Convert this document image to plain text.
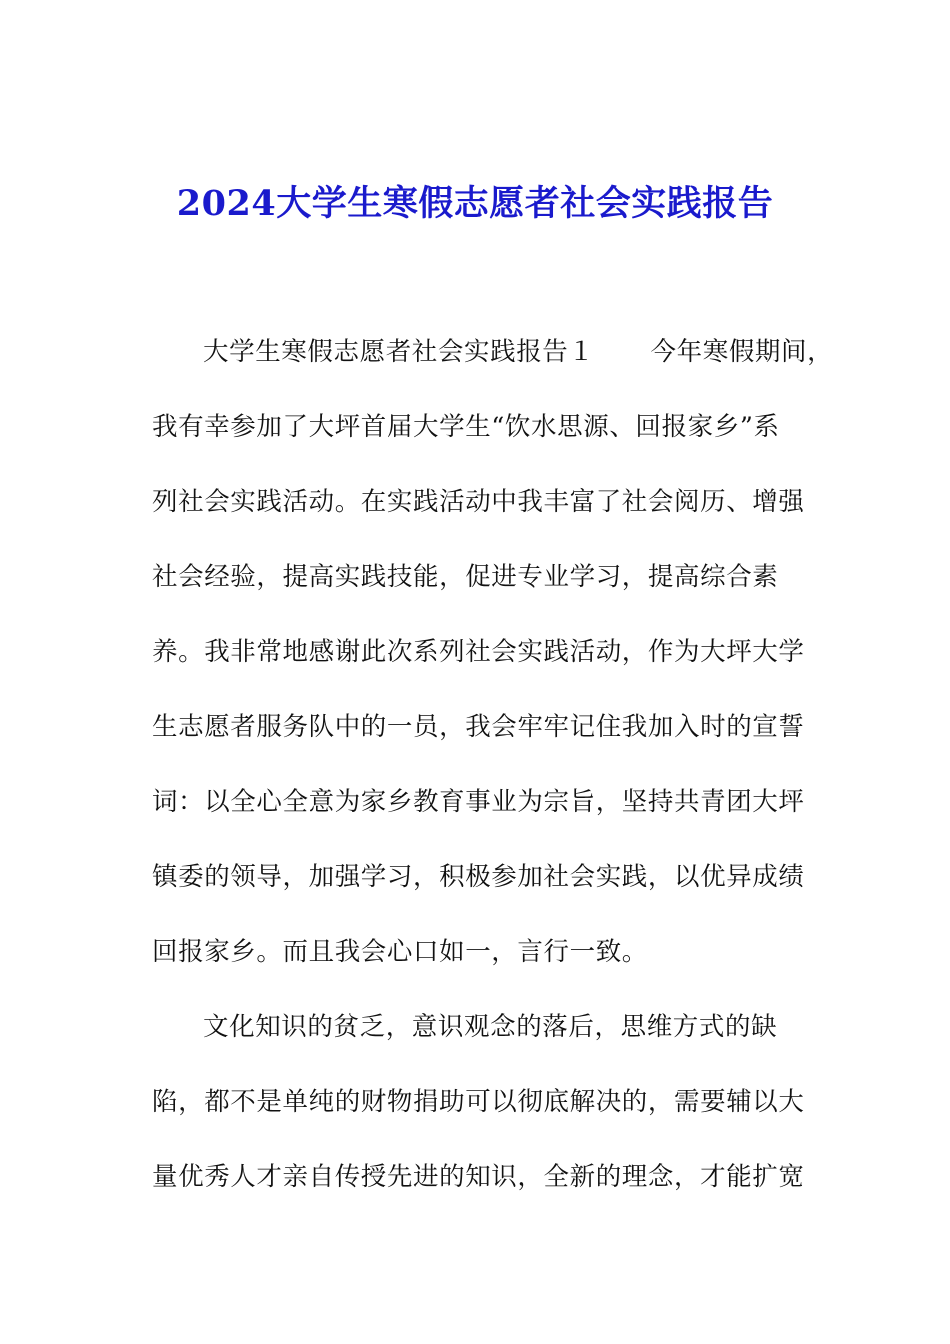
2024大学生寒假志愿者社会实践报告
大学生寒假志愿者社会实践报告１ 今年寒假期间，
我有幸参加了大坪首届大学生“饮水思源、回报家乡”系
列社会实践活动。在实践活动中我丰富了社会阅历、增强
社会经验，提高实践技能，促进专业学习，提高综合素
养。我非常地感谢此次系列社会实践活动，作为大坪大学
生志愿者服务队中的一员，我会牢牢记住我加入时的宣誓
词：以全心全意为家乡教育事业为宗旨，坚持共青团大坪
镇委的领导，加强学习，积极参加社会实践，以优异成绩
回报家乡。而且我会心口如一，言行一致。
文化知识的贫乏，意识观念的落后，思维方式的缺
陷，都不是单纯的财物捐助可以彻底解决的，需要辅以大
量优秀人才亲自传授先进的知识，全新的理念，才能扩宽
